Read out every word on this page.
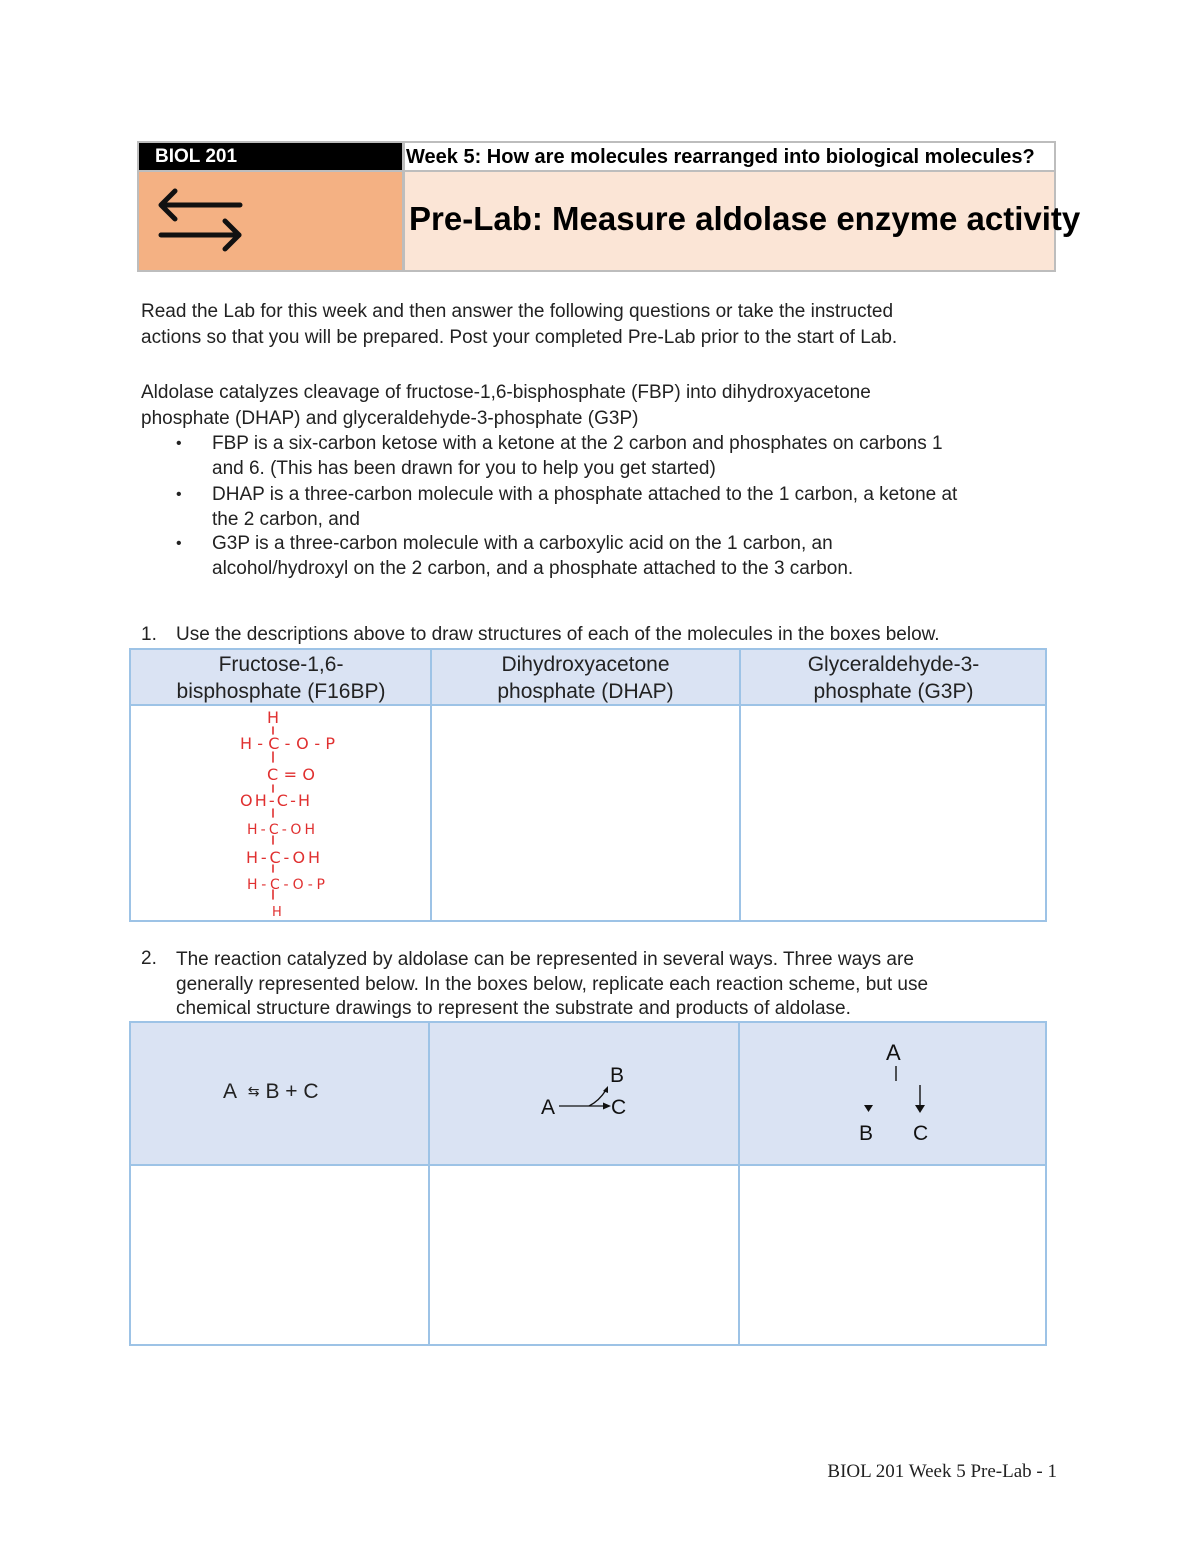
BIOL 201	Week 5: How are molecules rearranged into biological molecules?
Pre-Lab: Measure aldolase enzyme activity
Read the Lab for this week and then answer the following questions or take the instructed
actions so that you will be prepared. Post your completed Pre-Lab prior to the start of Lab.
Aldolase catalyzes cleavage of fructose-1,6-bisphosphate (FBP) into dihydroxyacetone
phosphate (DHAP) and glyceraldehyde-3-phosphate (G3P)
• FBP is a six-carbon ketose with a ketone at the 2 carbon and phosphates on carbons 1
and 6. (This has been drawn for you to help you get started)
• DHAP is a three-carbon molecule with a phosphate attached to the 1 carbon, a ketone at
the 2 carbon, and
• G3P is a three-carbon molecule with a carboxylic acid on the 1 carbon, an
alcohol/hydroxyl on the 2 carbon, and a phosphate attached to the 3 carbon.
1. Use the descriptions above to draw structures of each of the molecules in the boxes below.
Fructose-1,6-
bisphosphate (F16BP)
Dihydroxyacetone
phosphate (DHAP)
Glyceraldehyde-3-
phosphate (G3P)
H
H-C-O-P
C=O
OH-C-H
H-C-OH
H-C-OH
H-C-O-P
H
2. The reaction catalyzed by aldolase can be represented in several ways. Three ways are
generally represented below. In the boxes below, replicate each reaction scheme, but use
chemical structure drawings to represent the substrate and products of aldolase.
A ⇆ B + C
A
B
C
A
B C
BIOL 201 Week 5 Pre-Lab - 1
